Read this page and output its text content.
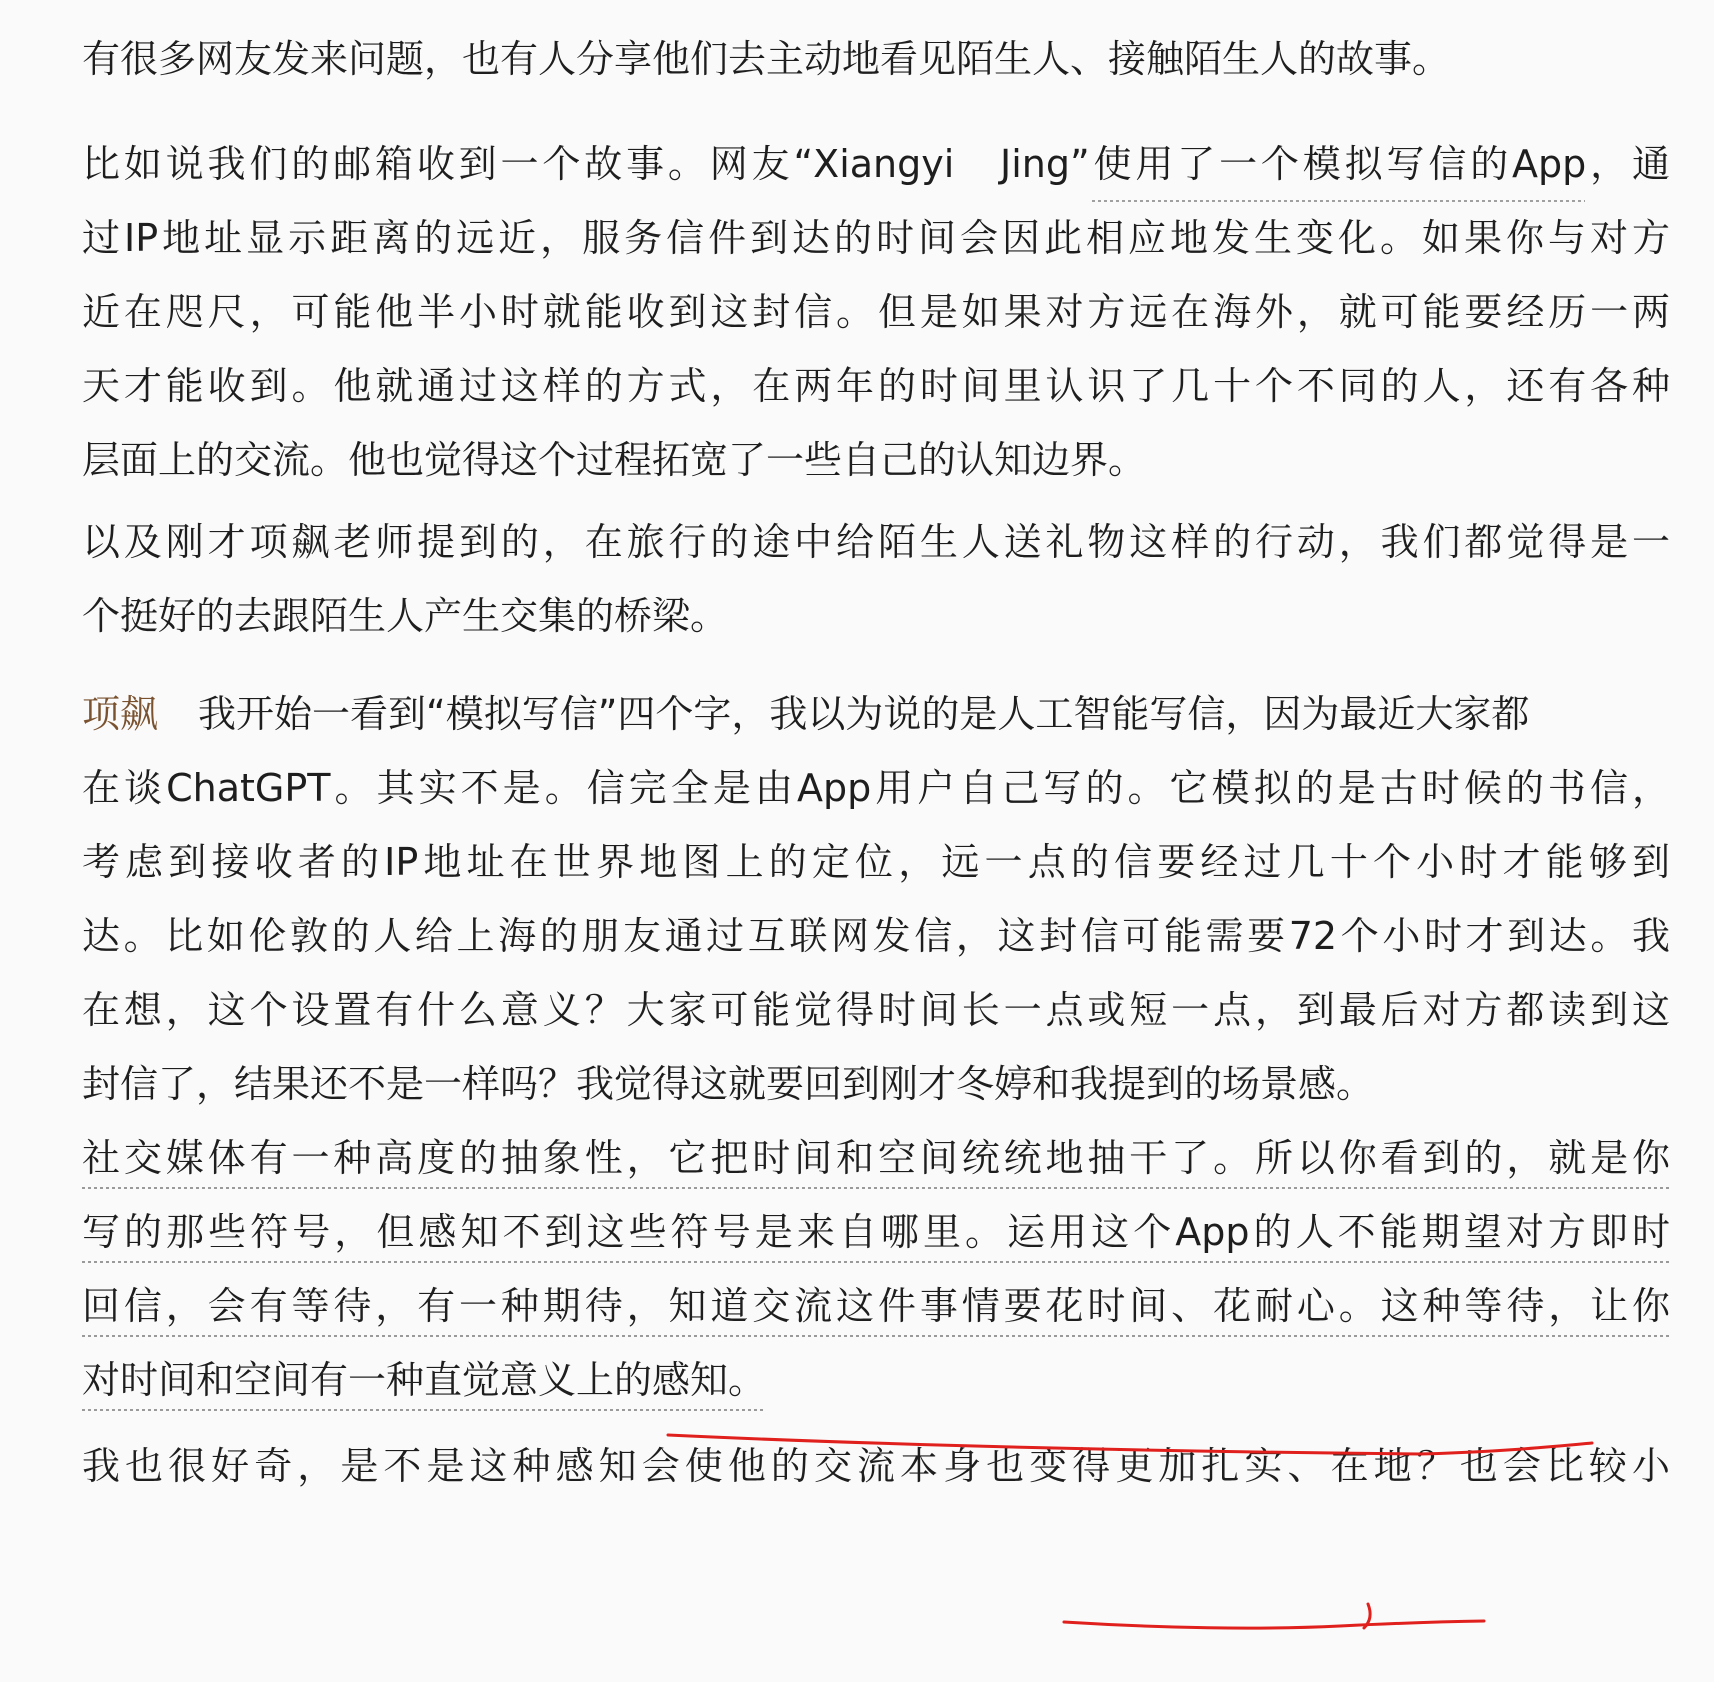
有很多网友发来问题，也有人分享他们去主动地看见陌生人、接触陌生人的故事。

比如说我们的邮箱收到一个故事。网友“Xiangyi　Jing”使用了一个模拟写信的App，通
过IP地址显示距离的远近，服务信件到达的时间会因此相应地发生变化。如果你与对方
近在咫尺，可能他半小时就能收到这封信。但是如果对方远在海外，就可能要经历一两
天才能收到。他就通过这样的方式，在两年的时间里认识了几十个不同的人，还有各种
层面上的交流。他也觉得这个过程拓宽了一些自己的认知边界。

以及刚才项飙老师提到的，在旅行的途中给陌生人送礼物这样的行动，我们都觉得是一
个挺好的去跟陌生人产生交集的桥梁。

项飙 我开始一看到“模拟写信”四个字，我以为说的是人工智能写信，因为最近大家都
在谈ChatGPT。其实不是。信完全是由App用户自己写的。它模拟的是古时候的书信，
考虑到接收者的IP地址在世界地图上的定位，远一点的信要经过几十个小时才能够到
达。比如伦敦的人给上海的朋友通过互联网发信，这封信可能需要72个小时才到达。我
在想，这个设置有什么意义？大家可能觉得时间长一点或短一点，到最后对方都读到这
封信了，结果还不是一样吗？我觉得这就要回到刚才冬婷和我提到的场景感。

社交媒体有一种高度的抽象性，它把时间和空间统统地抽干了。所以你看到的，就是你
写的那些符号，但感知不到这些符号是来自哪里。运用这个App的人不能期望对方即时
回信，会有等待，有一种期待，知道交流这件事情要花时间、花耐心。这种等待，让你
对时间和空间有一种直觉意义上的感知。

我也很好奇，是不是这种感知会使他的交流本身也变得更加扎实、在地？也会比较小
